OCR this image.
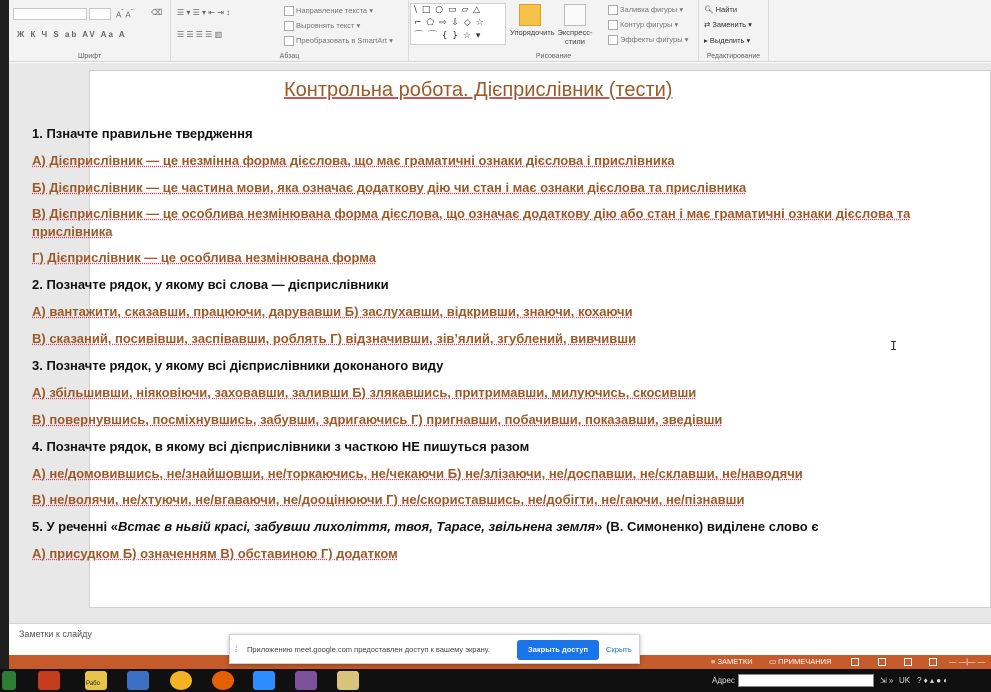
$A^ˆ$ $A^ˇ$ ⌫
Ж К Ч S ab AV Aa A
Шрифт
☰ ▾ ☰ ▾ ⇤ ⇥ ↕
☰ ☰ ☰ ☰ ▥
Направление текста ▾
Выровнять текст ▾
Преобразовать в SmartArt ▾
Абзац
\ □ ○ ▭ ▱ △
⌐ ⬠ ⇨ ⇩ ◇ ☆
⌒ ⌒ { } ☆ ▾	Упорядочить Экспресс-стили
Заливка фигуры ▾
Контур фигуры ▾
Эффекты фигуры ▾
Рисование
🔍︎ Найти
⇄ Заменить ▾
▸ Выделить ▾
Редактирование
Контрольна робота. Дієприслівник (тести)
1. Пзначте правильне твердження
А) Дієприслівник — це незмінна форма дієслова, що має граматичні ознаки дієслова і прислівника
Б) Дієприслівник — це частина мови, яка означає додаткову дію чи стан і має ознаки дієслова та прислівника
В) Дієприслівник — це особлива незмінювана форма дієслова, що означає додаткову дію або стан і має граматичні ознаки дієслова та
прислівника
Г) Дієприслівник — це особлива незмінювана форма
2. Позначте рядок, у якому всі слова — дієприслівники
А) вантажити, сказавши, працюючи, дарувавши Б) заслухавши, відкривши, знаючи, кохаючи
В) сказаний, посивівши, заспівавши, роблять Г) відзначивши, зів’ялий, згублений, вивчивши
3. Позначте рядок, у якому всі дієприслівники доконаного виду
А) збільшивши, ніяковіючи, заховавши, заливши Б) злякавшись, притримавши, милуючись, скосивши
В) повернувшись, посміхнувшись, забувши, здригаючись Г) пригнавши, побачивши, показавши, зведівши
4. Позначте рядок, в якому всі дієприслівники з часткою НЕ пишуться разом
А) не/домовившись, не/знайшовши, не/торкаючись, не/чекаючи Б) не/злізаючи, не/доспавши, не/склавши, не/наводячи
В) не/волячи, не/хтуючи, не/вгаваючи, не/дооцінюючи Г) не/скориставшись, не/добігти, не/гаючи, не/пізнавши
5. У реченні «Встає в ньвій красі, забувши лихоліття, твоя, Тарасе, звільнена земля» (В. Симоненко) виділене слово є
А) присудком Б) означенням В) обставиною Г) додатком
I
Заметки к слайду
≡ ЗАМЕТКИ ▭ ПРИМЕЧАНИЯ	— —|— —
⁞ Приложению meet.google.com предоставлен доступ к вашему экрану.	Закрыть доступ	Скрыть
Рабо	Адрес	⇲ » UK ? ♦ ▴ ● ◐
